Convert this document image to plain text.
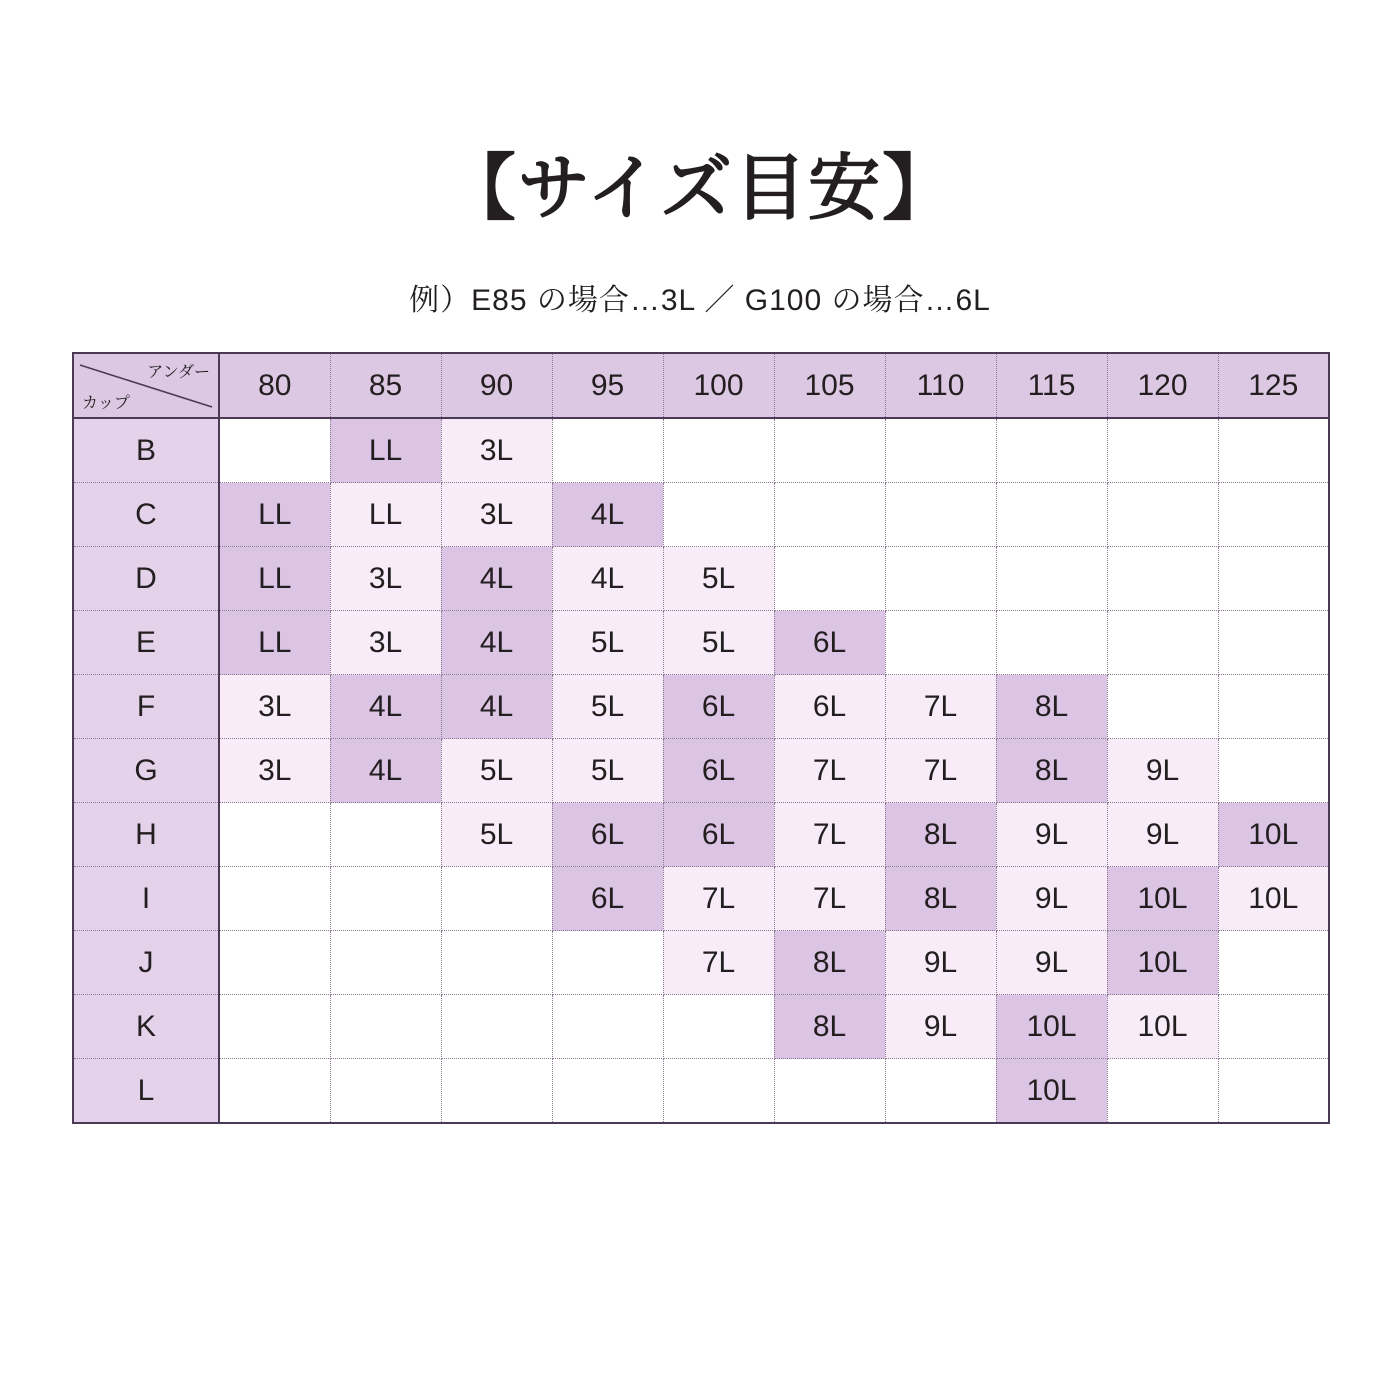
【サイズ目安】
例）E85 の場合…3L ／ G100 の場合…6L
アンダー
カップ	80	85	90	95	100	105	110	115	120	125
B		LL	3L							
C	LL	LL	3L	4L						
D	LL	3L	4L	4L	5L					
E	LL	3L	4L	5L	5L	6L				
F	3L	4L	4L	5L	6L	6L	7L	8L		
G	3L	4L	5L	5L	6L	7L	7L	8L	9L	
H			5L	6L	6L	7L	8L	9L	9L	10L
I				6L	7L	7L	8L	9L	10L	10L
J					7L	8L	9L	9L	10L	
K						8L	9L	10L	10L	
L								10L		
